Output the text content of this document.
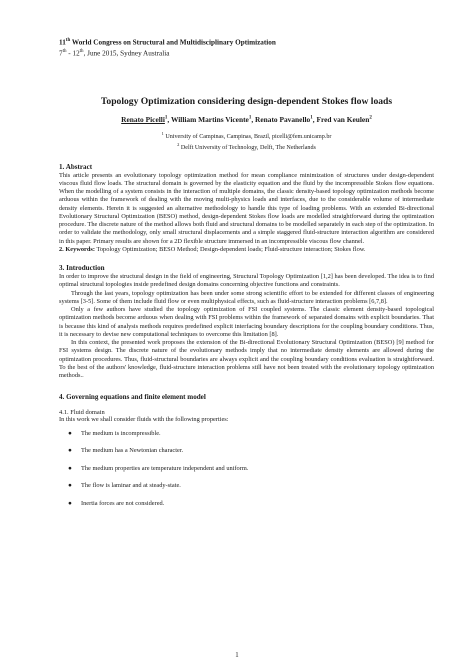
11th World Congress on Structural and Multidisciplinary Optimization
7th - 12th, June 2015, Sydney Australia
Topology Optimization considering design-dependent Stokes flow loads
Renato Picelli$^1$, William Martins Vicente$^1$, Renato Pavanello$^1$, Fred van Keulen$^2$
$^1$ University of Campinas, Campinas, Brazil, picelli@fem.unicamp.br
$^2$ Delft University of Technology, Delft, The Netherlands
1. Abstract

This article presents an evolutionary topology optimization method for mean compliance minimization of structures under design-dependent viscous fluid flow loads. The structural domain is governed by the elasticity equation and the fluid by the incompressible Stokes flow equations. When the modelling of a system consists in the interaction of multiple domains, the classic density-based topology optimization methods become arduous within the framework of dealing with the moving multi-physics loads and interfaces, due to the considerable volume of intermediate density elements. Herein it is suggested an alternative methodology to handle this type of loading problems. With an extended Bi-directional Evolutionary Structural Optimization (BESO) method, design-dependent Stokes flow loads are modelled straightforward during the optimization procedure. The discrete nature of the method allows both fluid and structural domains to be modelled separately in each step of the optimization. In order to validate the methodology, only small structural displacements and a simple staggered fluid-structure interaction algorithm are considered in this paper. Primary results are shown for a 2D flexible structure immersed in an incompressible viscous flow channel.

2. Keywords: Topology Optimization; BESO Method; Design-dependent loads; Fluid-structure interaction; Stokes flow.
3. Introduction

In order to improve the structural design in the field of engineering, Structural Topology Optimization [1,2] has been developed. The idea is to find optimal structural topologies inside predefined design domains concerning objective functions and constraints.

Through the last years, topology optimization has been under some strong scientific effort to be extended for different classes of engineering systems [3-5]. Some of them include fluid flow or even multiphysical effects, such as fluid-structure interaction problems [6,7,8].

Only a few authors have studied the topology optimization of FSI coupled systems. The classic element density-based topological optimization methods become arduous when dealing with FSI problems within the framework of separated domains with explicit boundaries. That is because this kind of analysis methods requires predefined explicit interfacing boundary descriptions for the coupling boundary conditions. Thus, it is necessary to devise new computational techniques to overcome this limitation [8].

In this context, the presented work proposes the extension of the Bi-directional Evolutionary Structural Optimization (BESO) [9] method for FSI systems design. The discrete nature of the evolutionary methods imply that no intermediate density elements are allowed during the optimization procedures. Thus, fluid-structural boundaries are always explicit and the coupling boundary conditions evaluation is straightforward. To the best of the authors' knowledge, fluid-structure interaction problems still have not been treated with the evolutionary topology optimization methods..

4. Governing equations and finite element model
4.1. Fluid domain

In this work we shall consider fluids with the following properties:

● The medium is incompressible.
● The medium has a Newtonian character.
● The medium properties are temperature independent and uniform.
● The flow is laminar and at steady-state.
● Inertia forces are not considered.
1
